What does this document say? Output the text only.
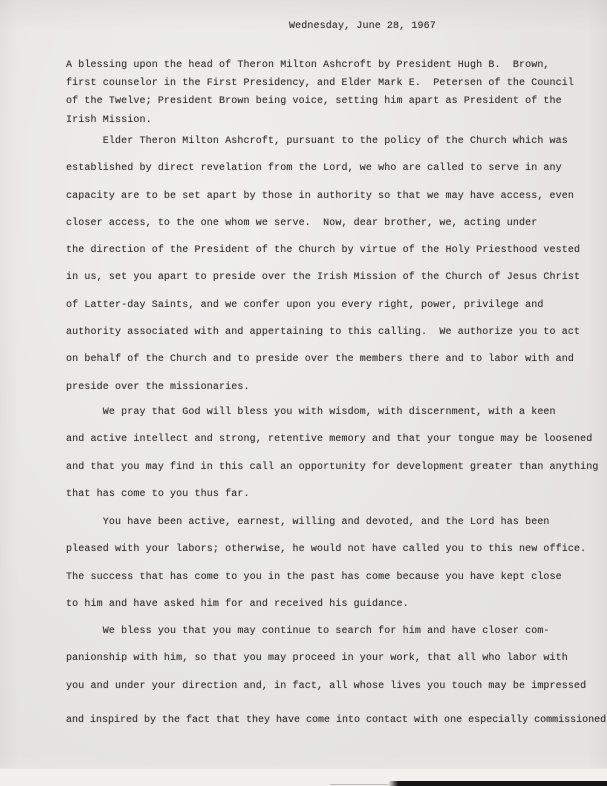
Wednesday, June 28, 1967
A blessing upon the head of Theron Milton Ashcroft by President Hugh B.  Brown,
first counselor in the First Presidency, and Elder Mark E.  Petersen of the Council
of the Twelve; President Brown being voice, setting him apart as President of the
Irish Mission.
Elder Theron Milton Ashcroft, pursuant to the policy of the Church which was
established by direct revelation from the Lord, we who are called to serve in any
capacity are to be set apart by those in authority so that we may have access, even
closer access, to the one whom we serve.  Now, dear brother, we, acting under
the direction of the President of the Church by virtue of the Holy Priesthood vested
in us, set you apart to preside over the Irish Mission of the Church of Jesus Christ
of Latter-day Saints, and we confer upon you every right, power, privilege and
authority associated with and appertaining to this calling.  We authorize you to act
on behalf of the Church and to preside over the members there and to labor with and
preside over the missionaries.
We pray that God will bless you with wisdom, with discernment, with a keen
and active intellect and strong, retentive memory and that your tongue may be loosened
and that you may find in this call an opportunity for development greater than anything
that has come to you thus far.
You have been active, earnest, willing and devoted, and the Lord has been
pleased with your labors; otherwise, he would not have called you to this new office.
The success that has come to you in the past has come because you have kept close
to him and have asked him for and received his guidance.
We bless you that you may continue to search for him and have closer com-
panionship with him, so that you may proceed in your work, that all who labor with
you and under your direction and, in fact, all whose lives you touch may be impressed
and inspired by the fact that they have come into contact with one especially commissioned
